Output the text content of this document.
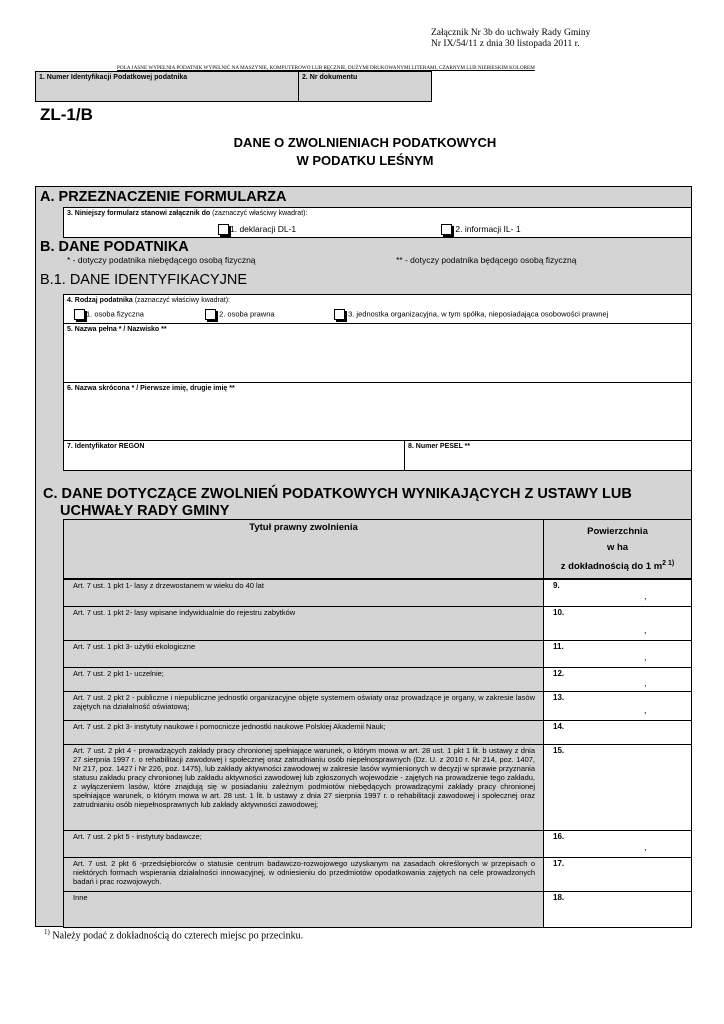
Załącznik Nr 3b do uchwały Rady Gminy
Nr IX/54/11 z dnia 30 listopada 2011 r.
POLA JASNE WYPEŁNIA PODATNIK WYPEŁNIĆ NA MASZYNIE, KOMPUTEROWO LUB RĘCZNIE, DUŻYMI DRUKOWANYMI LITERAMI, CZARNYM LUB NIEBIESKIM KOLOREM
1. Numer Identyfikacji Podatkowej podatnika	2. Nr dokumentu
ZL-1/B
DANE O ZWOLNIENIACH PODATKOWYCH
W PODATKU LEŚNYM
A. PRZEZNACZENIE FORMULARZA
3. Niniejszy formularz stanowi załącznik do (zaznaczyć właściwy kwadrat):
1. deklaracji DL-1	2. informacji IL- 1
B. DANE PODATNIKA
* - dotyczy podatnika niebędącego osobą fizyczną	** - dotyczy podatnika będącego osobą fizyczną
B.1. DANE IDENTYFIKACYJNE
4. Rodzaj podatnika (zaznaczyć właściwy kwadrat):
1. osoba fizyczna	2. osoba prawna	3. jednostka organizacyjna, w tym spółka, nieposiadająca osobowości prawnej
5. Nazwa pełna * / Nazwisko **
6. Nazwa skrócona * / Pierwsze imię, drugie imię **
7. Identyfikator REGON	8. Numer PESEL **
C. DANE DOTYCZĄCE ZWOLNIEŃ PODATKOWYCH WYNIKAJĄCYCH Z USTAWY LUB
UCHWAŁY RADY GMINY
Tytuł prawny zwolnienia	Powierzchnia
w ha
z dokładnością do 1 $m^{2 1)}$
Art. 7 ust. 1 pkt 1- lasy z drzewostanem w wieku do 40 lat	9.
,
Art. 7 ust. 1 pkt 2- lasy wpisane indywidualnie do rejestru zabytków	10.
,
Art. 7 ust. 1 pkt 3- użytki ekologiczne	11.
,
Art. 7 ust. 2 pkt 1- uczelnie;	12.
,
Art. 7 ust. 2 pkt 2 - publiczne i niepubliczne jednostki organizacyjne objęte systemem oświaty oraz prowadzące je organy, w zakresie lasów zajętych na działalność oświatową;
13.
,
Art. 7 ust. 2 pkt 3- instytuty naukowe i pomocnicze jednostki naukowe Polskiej Akademii Nauk;	14.
Art. 7 ust. 2 pkt 4 - prowadzących zakłady pracy chronionej spełniające warunek, o którym mowa w art. 28 ust. 1 pkt 1 lit. b ustawy z dnia 27 sierpnia 1997 r. o rehabilitacji zawodowej i społecznej oraz zatrudnianiu osób niepełnosprawnych (Dz. U. z 2010 r. Nr 214, poz. 1407, Nr 217, poz. 1427 i Nr 226, poz. 1475), lub zakłady aktywności zawodowej w zakresie lasów wymienionych w decyzji w sprawie przyznania statusu zakładu pracy chronionej lub zakładu aktywności zawodowej lub zgłoszonych wojewodzie - zajętych na prowadzenie tego zakładu, z wyłączeniem lasów, które znajdują się w posiadaniu zależnym podmiotów niebędących prowadzącymi zakłady pracy chronionej spełniające warunek, o którym mowa w art. 28 ust. 1 lit. b ustawy z dnia 27 sierpnia 1997 r. o rehabilitacji zawodowej i społecznej oraz zatrudnianiu osób niepełnosprawnych lub zakłady aktywności zawodowej;
15.
Art. 7 ust. 2 pkt 5 - instytuty badawcze;	16.
,
Art. 7 ust. 2 pkt 6 -przedsiębiorców o statusie centrum badawczo-rozwojowego uzyskanym na zasadach określonych w przepisach o niektórych formach wspierania działalności innowacyjnej, w odniesieniu do przedmiotów opodatkowania zajętych na cele prowadzonych badań i prac rozwojowych.
17.
Inne	18.
$^{1)}$ Należy podać z dokładnością do czterech miejsc po przecinku.
